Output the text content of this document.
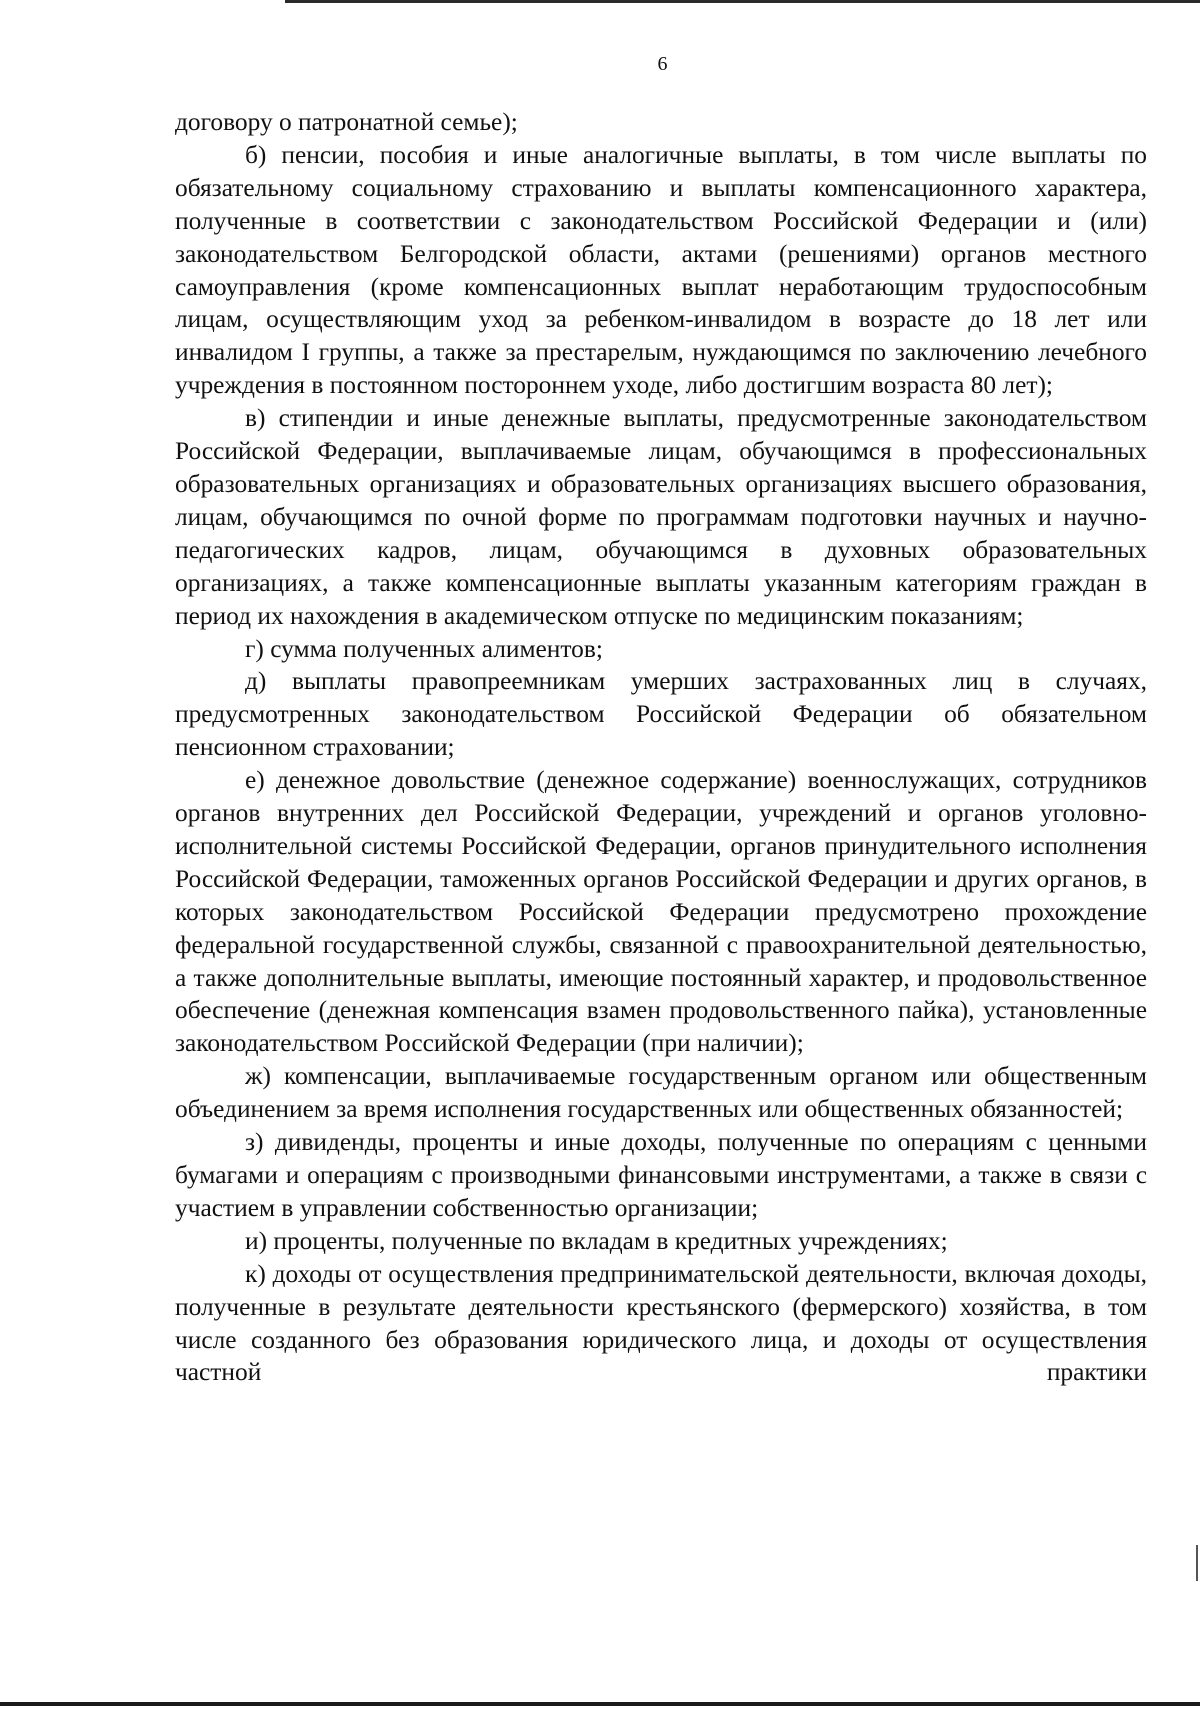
6

договору о патронатной семье);

б) пенсии, пособия и иные аналогичные выплаты, в том числе выплаты по обязательному социальному страхованию и выплаты компенсационного характера, полученные в соответствии с законодательством Российской Федерации и (или) законодательством Белгородской области, актами (решениями) органов местного самоуправления (кроме компенсационных выплат неработающим трудоспособным лицам, осуществляющим уход за ребенком-инвалидом в возрасте до 18 лет или инвалидом I группы, а также за престарелым, нуждающимся по заключению лечебного учреждения в постоянном постороннем уходе, либо достигшим возраста 80 лет);

в) стипендии и иные денежные выплаты, предусмотренные законодательством Российской Федерации, выплачиваемые лицам, обучающимся в профессиональных образовательных организациях и образовательных организациях высшего образования, лицам, обучающимся по очной форме по программам подготовки научных и научно-педагогических кадров, лицам, обучающимся в духовных образовательных организациях, а также компенсационные выплаты указанным категориям граждан в период их нахождения в академическом отпуске по медицинским показаниям;

г) сумма полученных алиментов;

д) выплаты правопреемникам умерших застрахованных лиц в случаях, предусмотренных законодательством Российской Федерации об обязательном пенсионном страховании;

е) денежное довольствие (денежное содержание) военнослужащих, сотрудников органов внутренних дел Российской Федерации, учреждений и органов уголовно-исполнительной системы Российской Федерации, органов принудительного исполнения Российской Федерации, таможенных органов Российской Федерации и других органов, в которых законодательством Российской Федерации предусмотрено прохождение федеральной государственной службы, связанной с правоохранительной деятельностью, а также дополнительные выплаты, имеющие постоянный характер, и продовольственное обеспечение (денежная компенсация взамен продовольственного пайка), установленные законодательством Российской Федерации (при наличии);

ж) компенсации, выплачиваемые государственным органом или общественным объединением за время исполнения государственных или общественных обязанностей;

з) дивиденды, проценты и иные доходы, полученные по операциям с ценными бумагами и операциям с производными финансовыми инструментами, а также в связи с участием в управлении собственностью организации;

и) проценты, полученные по вкладам в кредитных учреждениях;

к) доходы от осуществления предпринимательской деятельности, включая доходы, полученные в результате деятельности крестьянского (фермерского) хозяйства, в том числе созданного без образования юридического лица, и доходы от осуществления частной практики
